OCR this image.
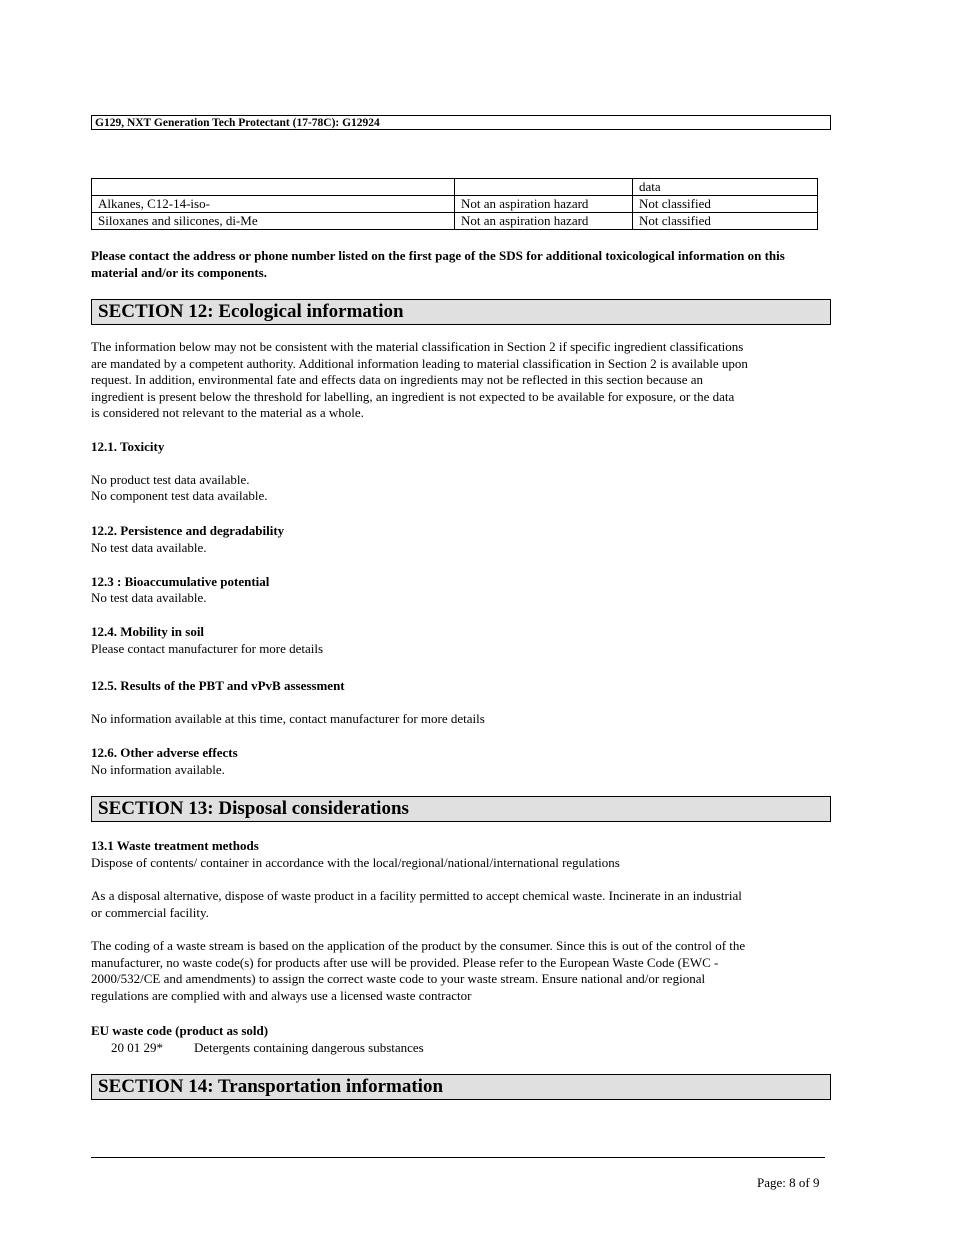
G129, NXT Generation Tech Protectant (17-78C): G12924
		data
Alkanes, C12-14-iso-	Not an aspiration hazard	Not classified
Siloxanes and silicones, di-Me	Not an aspiration hazard	Not classified
Please contact the address or phone number listed on the first page of the SDS for additional toxicological information on this material and/or its components.
SECTION 12: Ecological information
The information below may not be consistent with the material classification in Section 2 if specific ingredient classifications
are mandated by a competent authority. Additional information leading to material classification in Section 2 is available upon
request. In addition, environmental fate and effects data on ingredients may not be reflected in this section because an
ingredient is present below the threshold for labelling, an ingredient is not expected to be available for exposure, or the data
is considered not relevant to the material as a whole.
12.1. Toxicity
No product test data available.
No component test data available.
12.2. Persistence and degradability
No test data available.
12.3 : Bioaccumulative potential
No test data available.
12.4. Mobility in soil
Please contact manufacturer for more details
12.5. Results of the PBT and vPvB assessment
No information available at this time, contact manufacturer for more details
12.6. Other adverse effects
No information available.
SECTION 13: Disposal considerations
13.1 Waste treatment methods
Dispose of contents/ container in accordance with the local/regional/national/international regulations
As a disposal alternative, dispose of waste product in a facility permitted to accept chemical waste. Incinerate in an industrial
or commercial facility.
The coding of a waste stream is based on the application of the product by the consumer. Since this is out of the control of the
manufacturer, no waste code(s) for products after use will be provided. Please refer to the European Waste Code (EWC -
2000/532/CE and amendments) to assign the correct waste code to your waste stream. Ensure national and/or regional
regulations are complied with and always use a licensed waste contractor
EU waste code (product as sold)
20 01 29* Detergents containing dangerous substances
SECTION 14: Transportation information
Page: 8 of 9
